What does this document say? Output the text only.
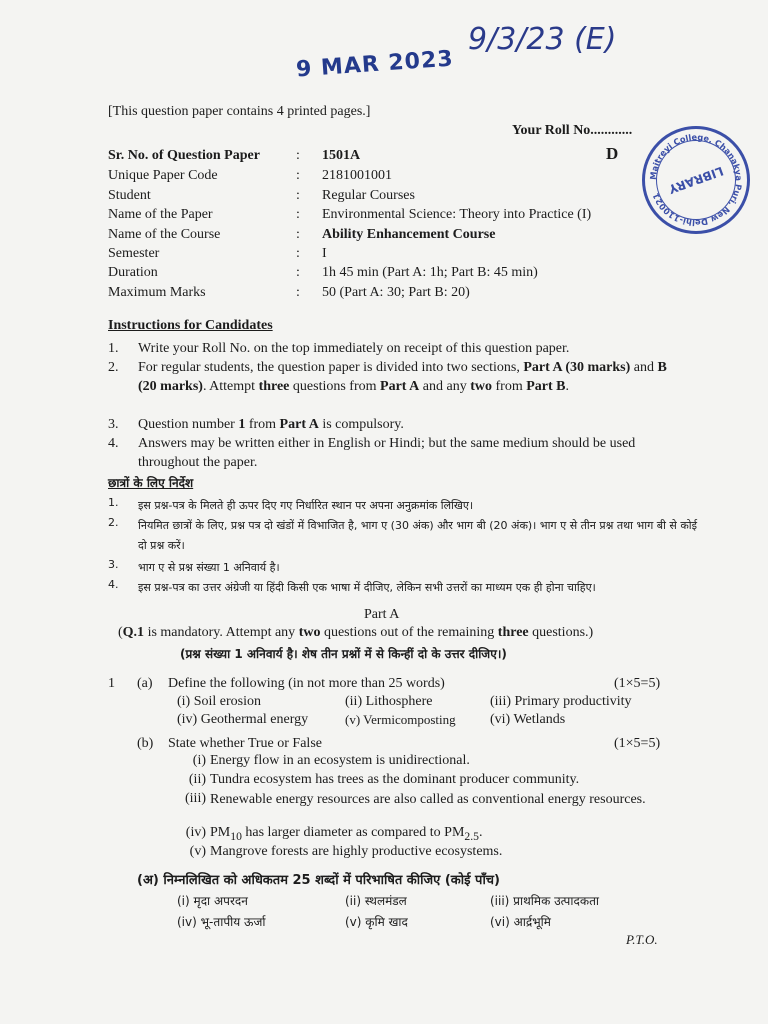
9/3/23 (E)
9 MAR 2023
[This question paper contains 4 printed pages.]
Your Roll No............
D
Maitreyi College, Chanakya Puri, New Delhi-110021 LIBRARY
Sr. No. of Question Paper	: 1501A
Unique Paper Code	: 2181001001
Student	: Regular Courses
Name of the Paper	: Environmental Science: Theory into Practice (I)
Name of the Course	: Ability Enhancement Course
Semester	: I
Duration	: 1h 45 min (Part A: 1h; Part B: 45 min)
Maximum Marks	: 50 (Part A: 30; Part B: 20)
Instructions for Candidates
1. Write your Roll No. on the top immediately on receipt of this question paper.
2. For regular students, the question paper is divided into two sections, Part A (30 marks) and B (20 marks). Attempt three questions from Part A and any two from Part B.
3. Question number 1 from Part A is compulsory.
4. Answers may be written either in English or Hindi; but the same medium should be used throughout the paper.
छात्रों के लिए निर्देश
1. इस प्रश्न-पत्र के मिलते ही ऊपर दिए गए निर्धारित स्थान पर अपना अनुक्रमांक लिखिए।
2. नियमित छात्रों के लिए, प्रश्न पत्र दो खंडों में विभाजित है, भाग ए (30 अंक) और भाग बी (20 अंक)। भाग ए से तीन प्रश्न तथा भाग बी से कोई दो प्रश्न करें।
3. भाग ए से प्रश्न संख्या 1 अनिवार्य है।
4. इस प्रश्न-पत्र का उत्तर अंग्रेजी या हिंदी किसी एक भाषा में दीजिए, लेकिन सभी उत्तरों का माध्यम एक ही होना चाहिए।
Part A
(Q.1 is mandatory. Attempt any two questions out of the remaining three questions.)
(प्रश्न संख्या 1 अनिवार्य है। शेष तीन प्रश्नों में से किन्हीं दो के उत्तर दीजिए।)
1 (a) Define the following (in not more than 25 words)	(1×5=5)
(i) Soil erosion	(ii) Lithosphere	(iii) Primary productivity
(iv) Geothermal energy	(v) Vermicomposting (vi) Wetlands
(b) State whether True or False	(1×5=5)
(i) Energy flow in an ecosystem is unidirectional.
(ii) Tundra ecosystem has trees as the dominant producer community.
(iii) Renewable energy resources are also called as conventional energy resources.
(iv) $PM_{10}$ has larger diameter as compared to $PM_{2.5}$.
(v) Mangrove forests are highly productive ecosystems.
(अ) निम्नलिखित को अधिकतम 25 शब्दों में परिभाषित कीजिए (कोई पाँच)
(i) मृदा अपरदन	(ii) स्थलमंडल	(iii) प्राथमिक उत्पादकता
(iv) भू-तापीय ऊर्जा	(v) कृमि खाद	(vi) आर्द्रभूमि
P.T.O.
